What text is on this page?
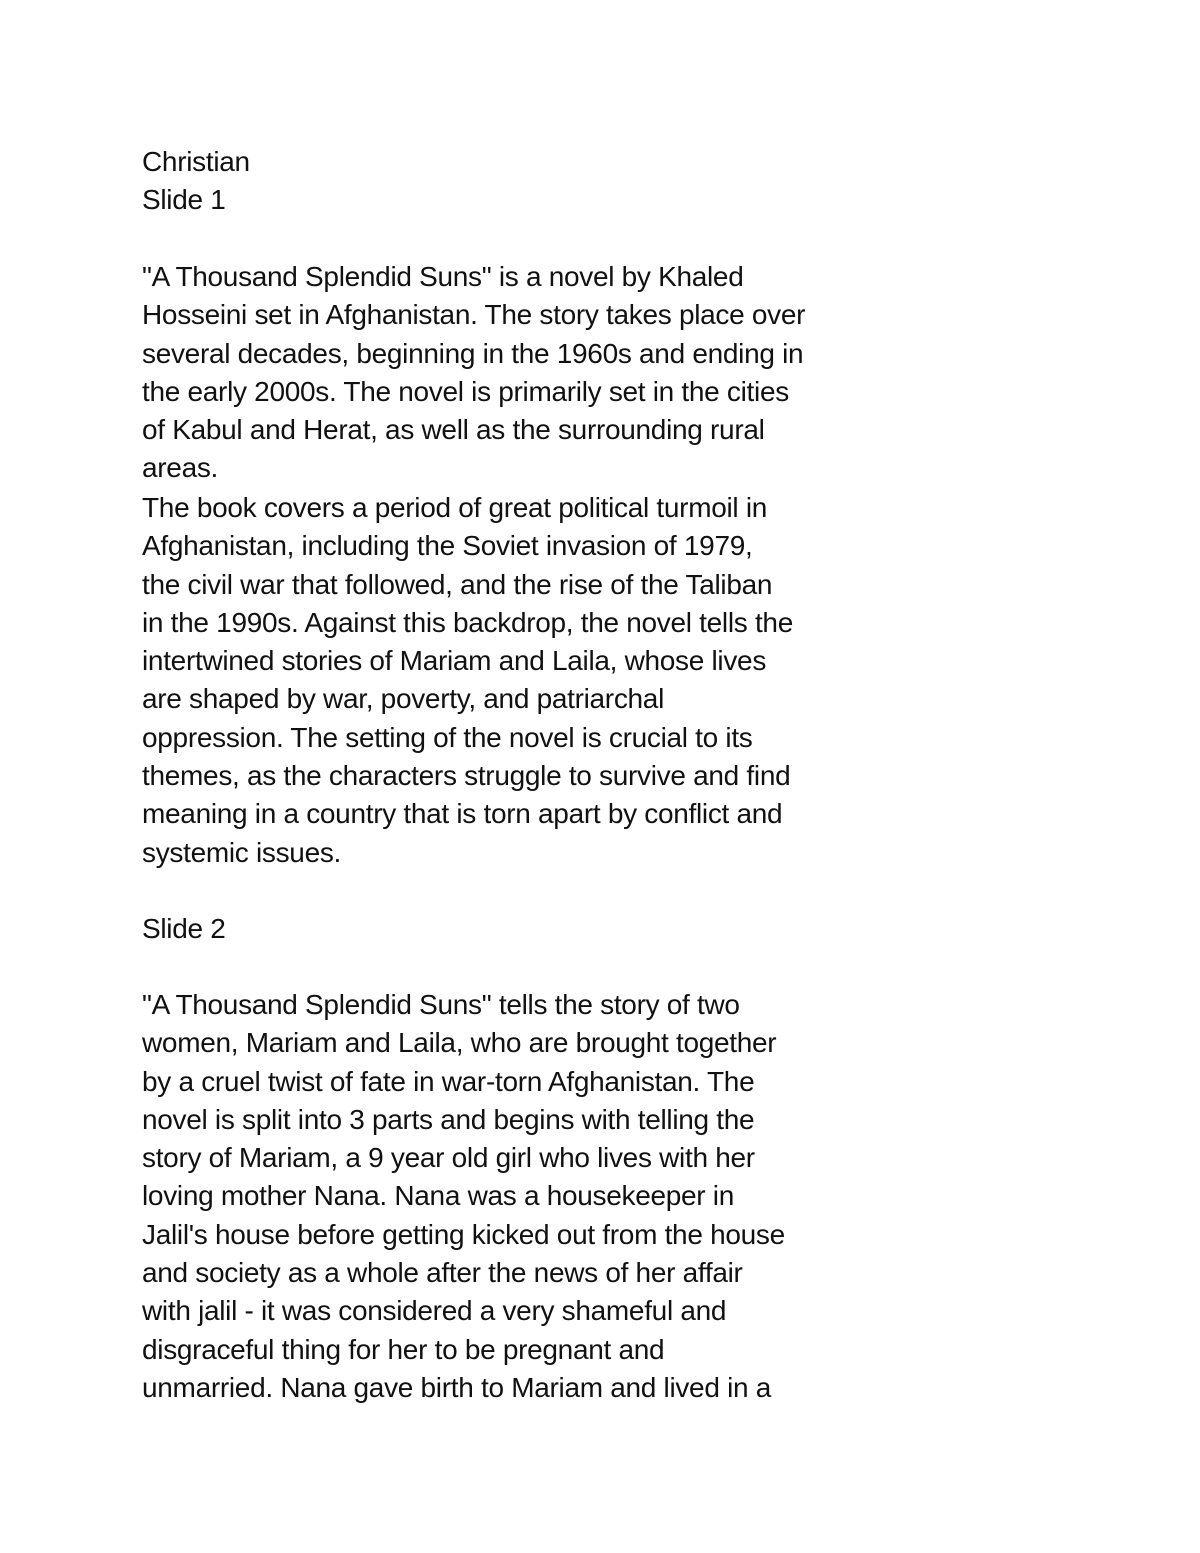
Christian
Slide 1
"A Thousand Splendid Suns" is a novel by Khaled
Hosseini set in Afghanistan. The story takes place over
several decades, beginning in the 1960s and ending in
the early 2000s. The novel is primarily set in the cities
of Kabul and Herat, as well as the surrounding rural
areas.
The book covers a period of great political turmoil in
Afghanistan, including the Soviet invasion of 1979,
the civil war that followed, and the rise of the Taliban
in the 1990s. Against this backdrop, the novel tells the
intertwined stories of Mariam and Laila, whose lives
are shaped by war, poverty, and patriarchal
oppression. The setting of the novel is crucial to its
themes, as the characters struggle to survive and find
meaning in a country that is torn apart by conflict and
systemic issues.
Slide 2
"A Thousand Splendid Suns" tells the story of two
women, Mariam and Laila, who are brought together
by a cruel twist of fate in war-torn Afghanistan. The
novel is split into 3 parts and begins with telling the
story of Mariam, a 9 year old girl who lives with her
loving mother Nana. Nana was a housekeeper in
Jalil's house before getting kicked out from the house
and society as a whole after the news of her affair
with jalil - it was considered a very shameful and
disgraceful thing for her to be pregnant and
unmarried. Nana gave birth to Mariam and lived in a
